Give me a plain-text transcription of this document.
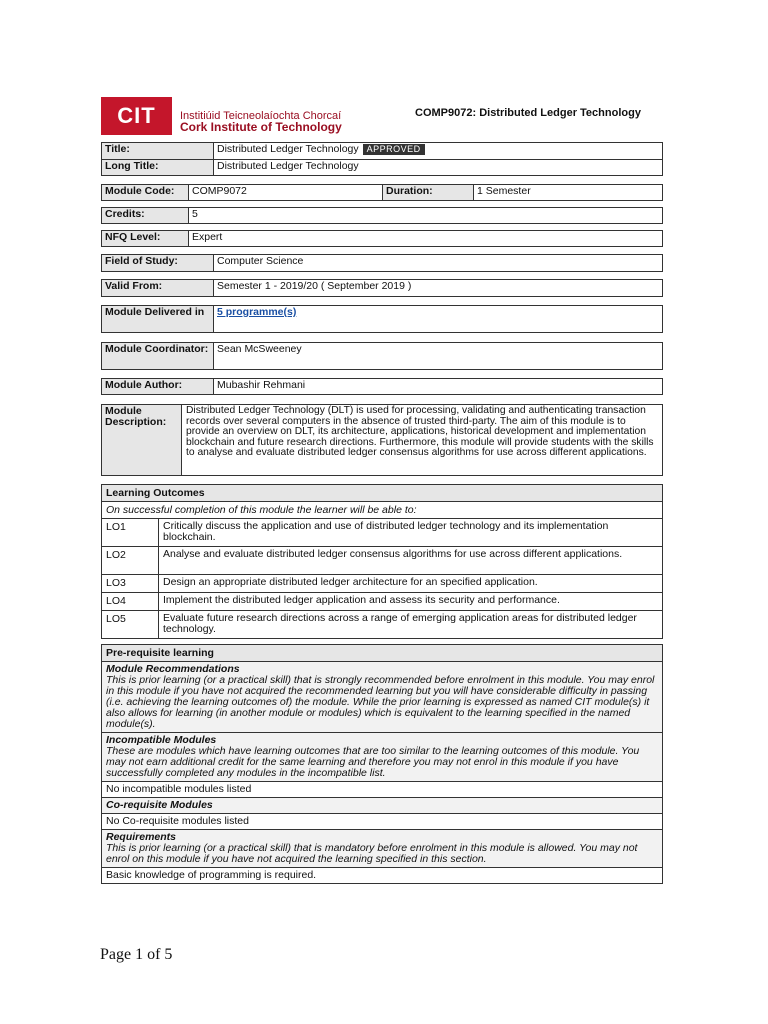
CIT	Institiúid Teicneolaíochta Chorcaí
Cork Institute of Technology
COMP9072: Distributed Ledger Technology
Title:	Distributed Ledger Technology APPROVED
Long Title:	Distributed Ledger Technology
Module Code:	COMP9072	Duration:	1 Semester
Credits:	5
NFQ Level:	Expert
Field of Study:	Computer Science
Valid From:	Semester 1 - 2019/20 ( September 2019 )
Module Delivered in	5 programme(s)
Module Coordinator: Sean McSweeney
Module Author:	Mubashir Rehmani
Module Description:
Distributed Ledger Technology (DLT) is used for processing, validating and authenticating transaction records over several computers in the absence of trusted third-party. The aim of this module is to provide an overview on DLT, its architecture, applications, historical development and implementation blockchain and future research directions. Furthermore, this module will provide students with the skills to analyse and evaluate distributed ledger consensus algorithms for use across different applications.
Learning Outcomes
On successful completion of this module the learner will be able to:
LO1	Critically discuss the application and use of distributed ledger technology and its implementation blockchain.
LO2	Analyse and evaluate distributed ledger consensus algorithms for use across different applications.
LO3	Design an appropriate distributed ledger architecture for an specified application.
LO4	Implement the distributed ledger application and assess its security and performance.
LO5	Evaluate future research directions across a range of emerging application areas for distributed ledger technology.
Pre-requisite learning
Module Recommendations
This is prior learning (or a practical skill) that is strongly recommended before enrolment in this module. You may enrol in this module if you have not acquired the recommended learning but you will have considerable difficulty in passing (i.e. achieving the learning outcomes of) the module. While the prior learning is expressed as named CIT module(s) it also allows for learning (in another module or modules) which is equivalent to the learning specified in the named module(s).
Incompatible Modules
These are modules which have learning outcomes that are too similar to the learning outcomes of this module. You may not earn additional credit for the same learning and therefore you may not enrol in this module if you have successfully completed any modules in the incompatible list.
No incompatible modules listed
Co-requisite Modules
No Co-requisite modules listed
Requirements
This is prior learning (or a practical skill) that is mandatory before enrolment in this module is allowed. You may not enrol on this module if you have not acquired the learning specified in this section.
Basic knowledge of programming is required.
Page 1 of 5
